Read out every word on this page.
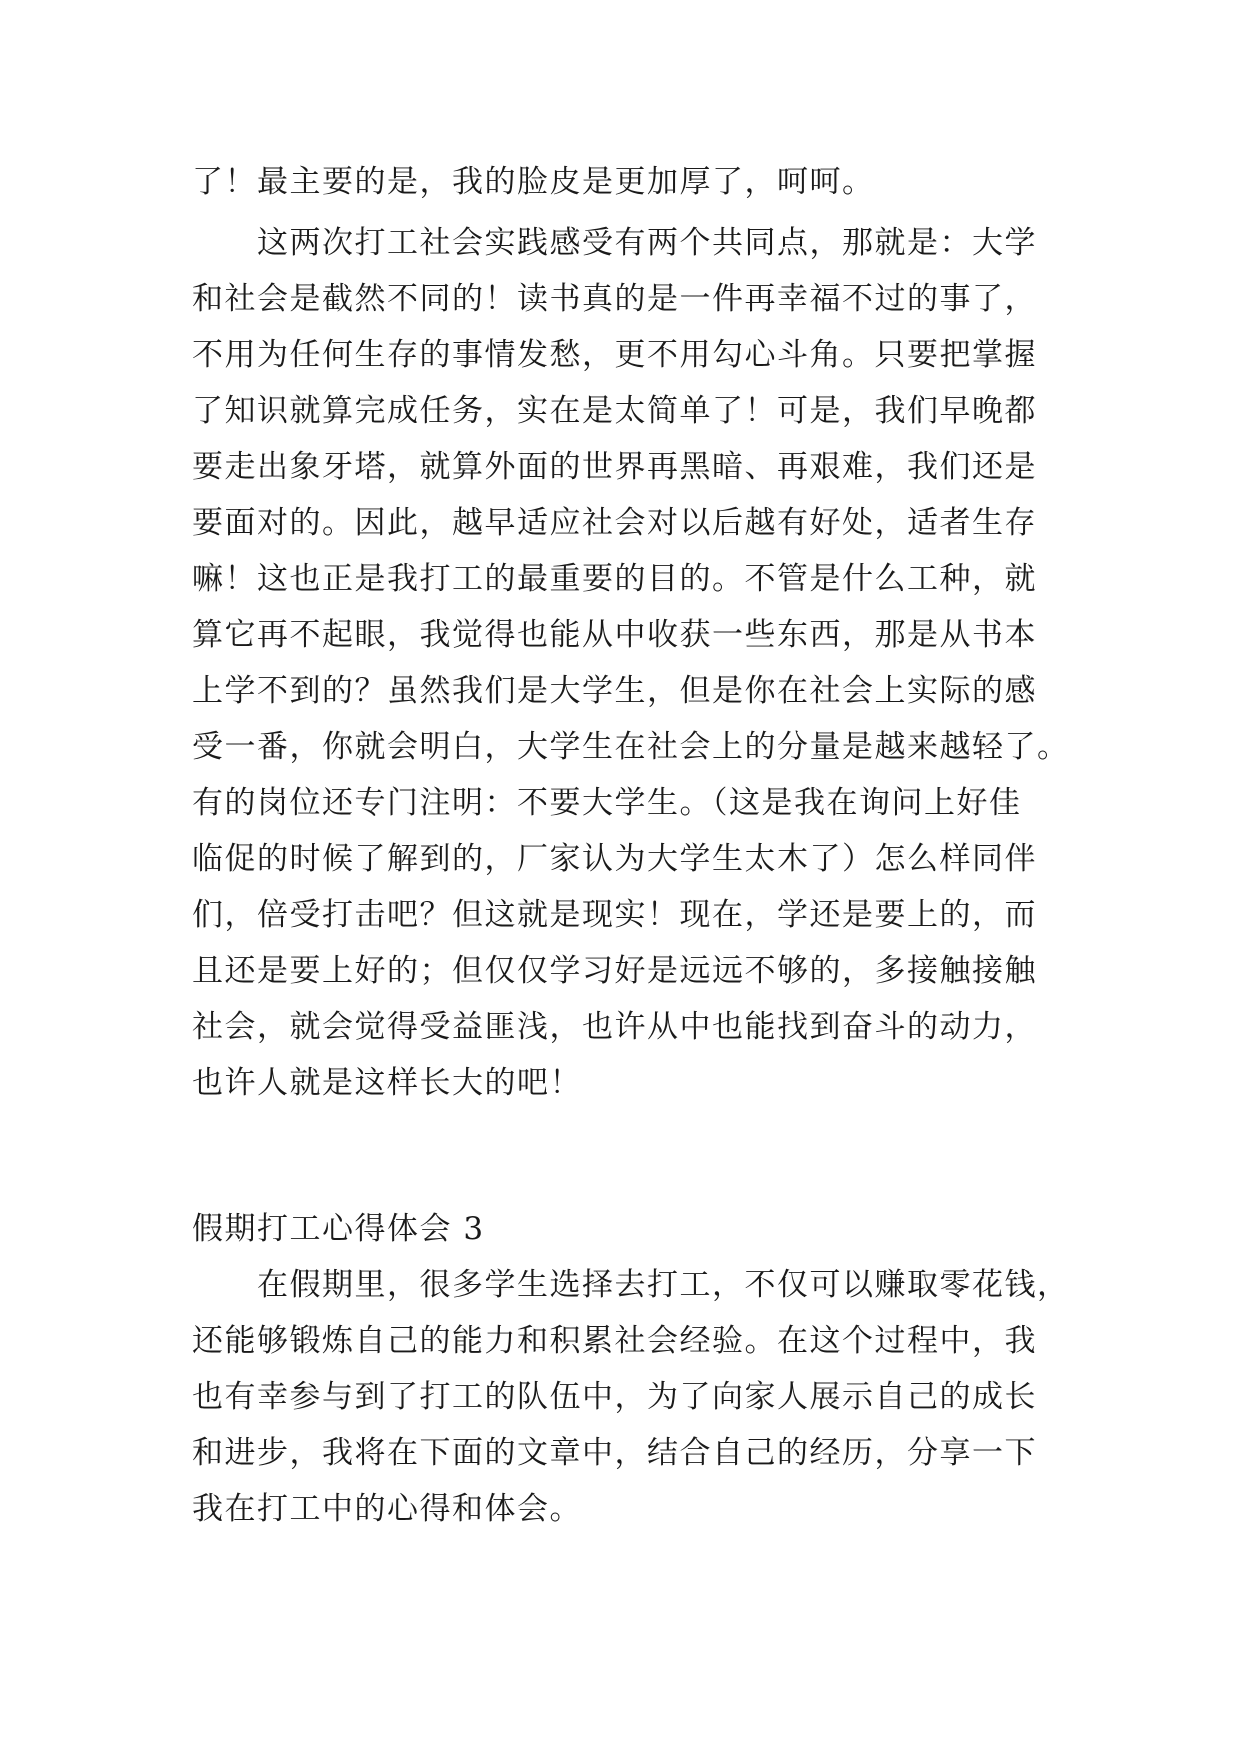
了！最主要的是，我的脸皮是更加厚了，呵呵。
　　这两次打工社会实践感受有两个共同点，那就是：大学
和社会是截然不同的！读书真的是一件再幸福不过的事了，
不用为任何生存的事情发愁，更不用勾心斗角。只要把掌握
了知识就算完成任务，实在是太简单了！可是，我们早晚都
要走出象牙塔，就算外面的世界再黑暗、再艰难，我们还是
要面对的。因此，越早适应社会对以后越有好处，适者生存
嘛！这也正是我打工的最重要的目的。不管是什么工种，就
算它再不起眼，我觉得也能从中收获一些东西，那是从书本
上学不到的？虽然我们是大学生，但是你在社会上实际的感
受一番，你就会明白，大学生在社会上的分量是越来越轻了。
有的岗位还专门注明：不要大学生。（这是我在询问上好佳
临促的时候了解到的，厂家认为大学生太木了）怎么样同伴
们，倍受打击吧？但这就是现实！现在，学还是要上的，而
且还是要上好的；但仅仅学习好是远远不够的，多接触接触
社会，就会觉得受益匪浅，也许从中也能找到奋斗的动力，
也许人就是这样长大的吧！
假期打工心得体会 3
　　在假期里，很多学生选择去打工，不仅可以赚取零花钱，
还能够锻炼自己的能力和积累社会经验。在这个过程中，我
也有幸参与到了打工的队伍中，为了向家人展示自己的成长
和进步，我将在下面的文章中，结合自己的经历，分享一下
我在打工中的心得和体会。
